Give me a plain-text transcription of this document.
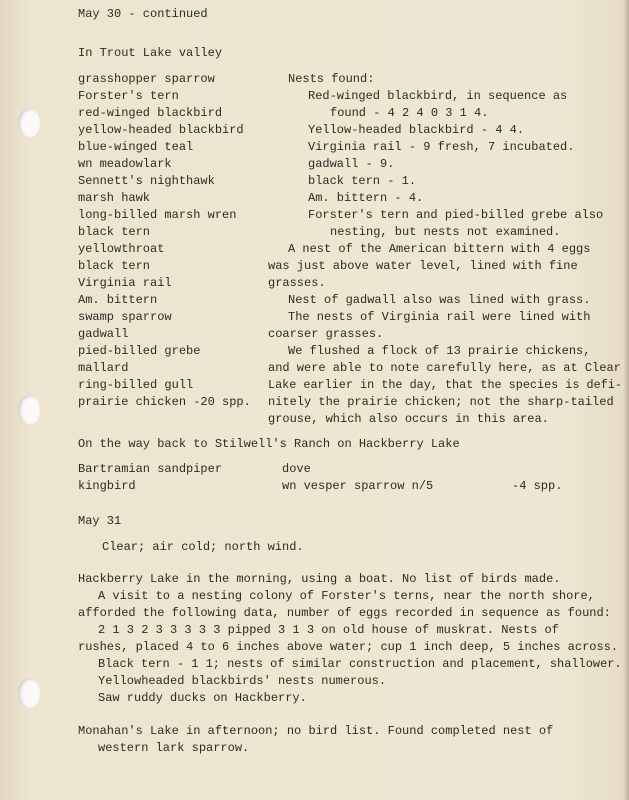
May 30 - continued

In Trout Lake valley

grasshopper sparrow

Forster's tern

red-winged blackbird

yellow-headed blackbird

blue-winged teal

wn meadowlark

Sennett's nighthawk

marsh hawk

long-billed marsh wren

black tern

yellowthroat

black tern

Virginia rail

Am. bittern

swamp sparrow

gadwall

pied-billed grebe

mallard

ring-billed gull

prairie chicken -20 spp.

Nests found:

Red-winged blackbird, in sequence as

found - 4 2 4 0 3 1 4.

Yellow-headed blackbird - 4 4.

Virginia rail - 9 fresh, 7 incubated.

gadwall - 9.

black tern - 1.

Am. bittern - 4.

Forster's tern and pied-billed grebe also

nesting, but nests not examined.

A nest of the American bittern with 4 eggs

was just above water level, lined with fine

grasses.

Nest of gadwall also was lined with grass.

The nests of Virginia rail were lined with

coarser grasses.

We flushed a flock of 13 prairie chickens,

and were able to note carefully here, as at Clear

Lake earlier in the day, that the species is defi-

nitely the prairie chicken; not the sharp-tailed

grouse, which also occurs in this area.

On the way back to Stilwell's Ranch on Hackberry Lake

Bartramian sandpiper

kingbird

dove

wn vesper sparrow n/5	-4 spp.

May 31

Clear; air cold; north wind.

Hackberry Lake in the morning, using a boat. No list of birds made.

A visit to a nesting colony of Forster's terns, near the north shore,

afforded the following data, number of eggs recorded in sequence as found:

2 1 3 2 3 3 3 3 3 pipped 3 1 3 on old house of muskrat. Nests of

rushes, placed 4 to 6 inches above water; cup 1 inch deep, 5 inches across.

Black tern - 1 1; nests of similar construction and placement, shallower.

Yellowheaded blackbirds' nests numerous.

Saw ruddy ducks on Hackberry.

Monahan's Lake in afternoon; no bird list. Found completed nest of

western lark sparrow.
